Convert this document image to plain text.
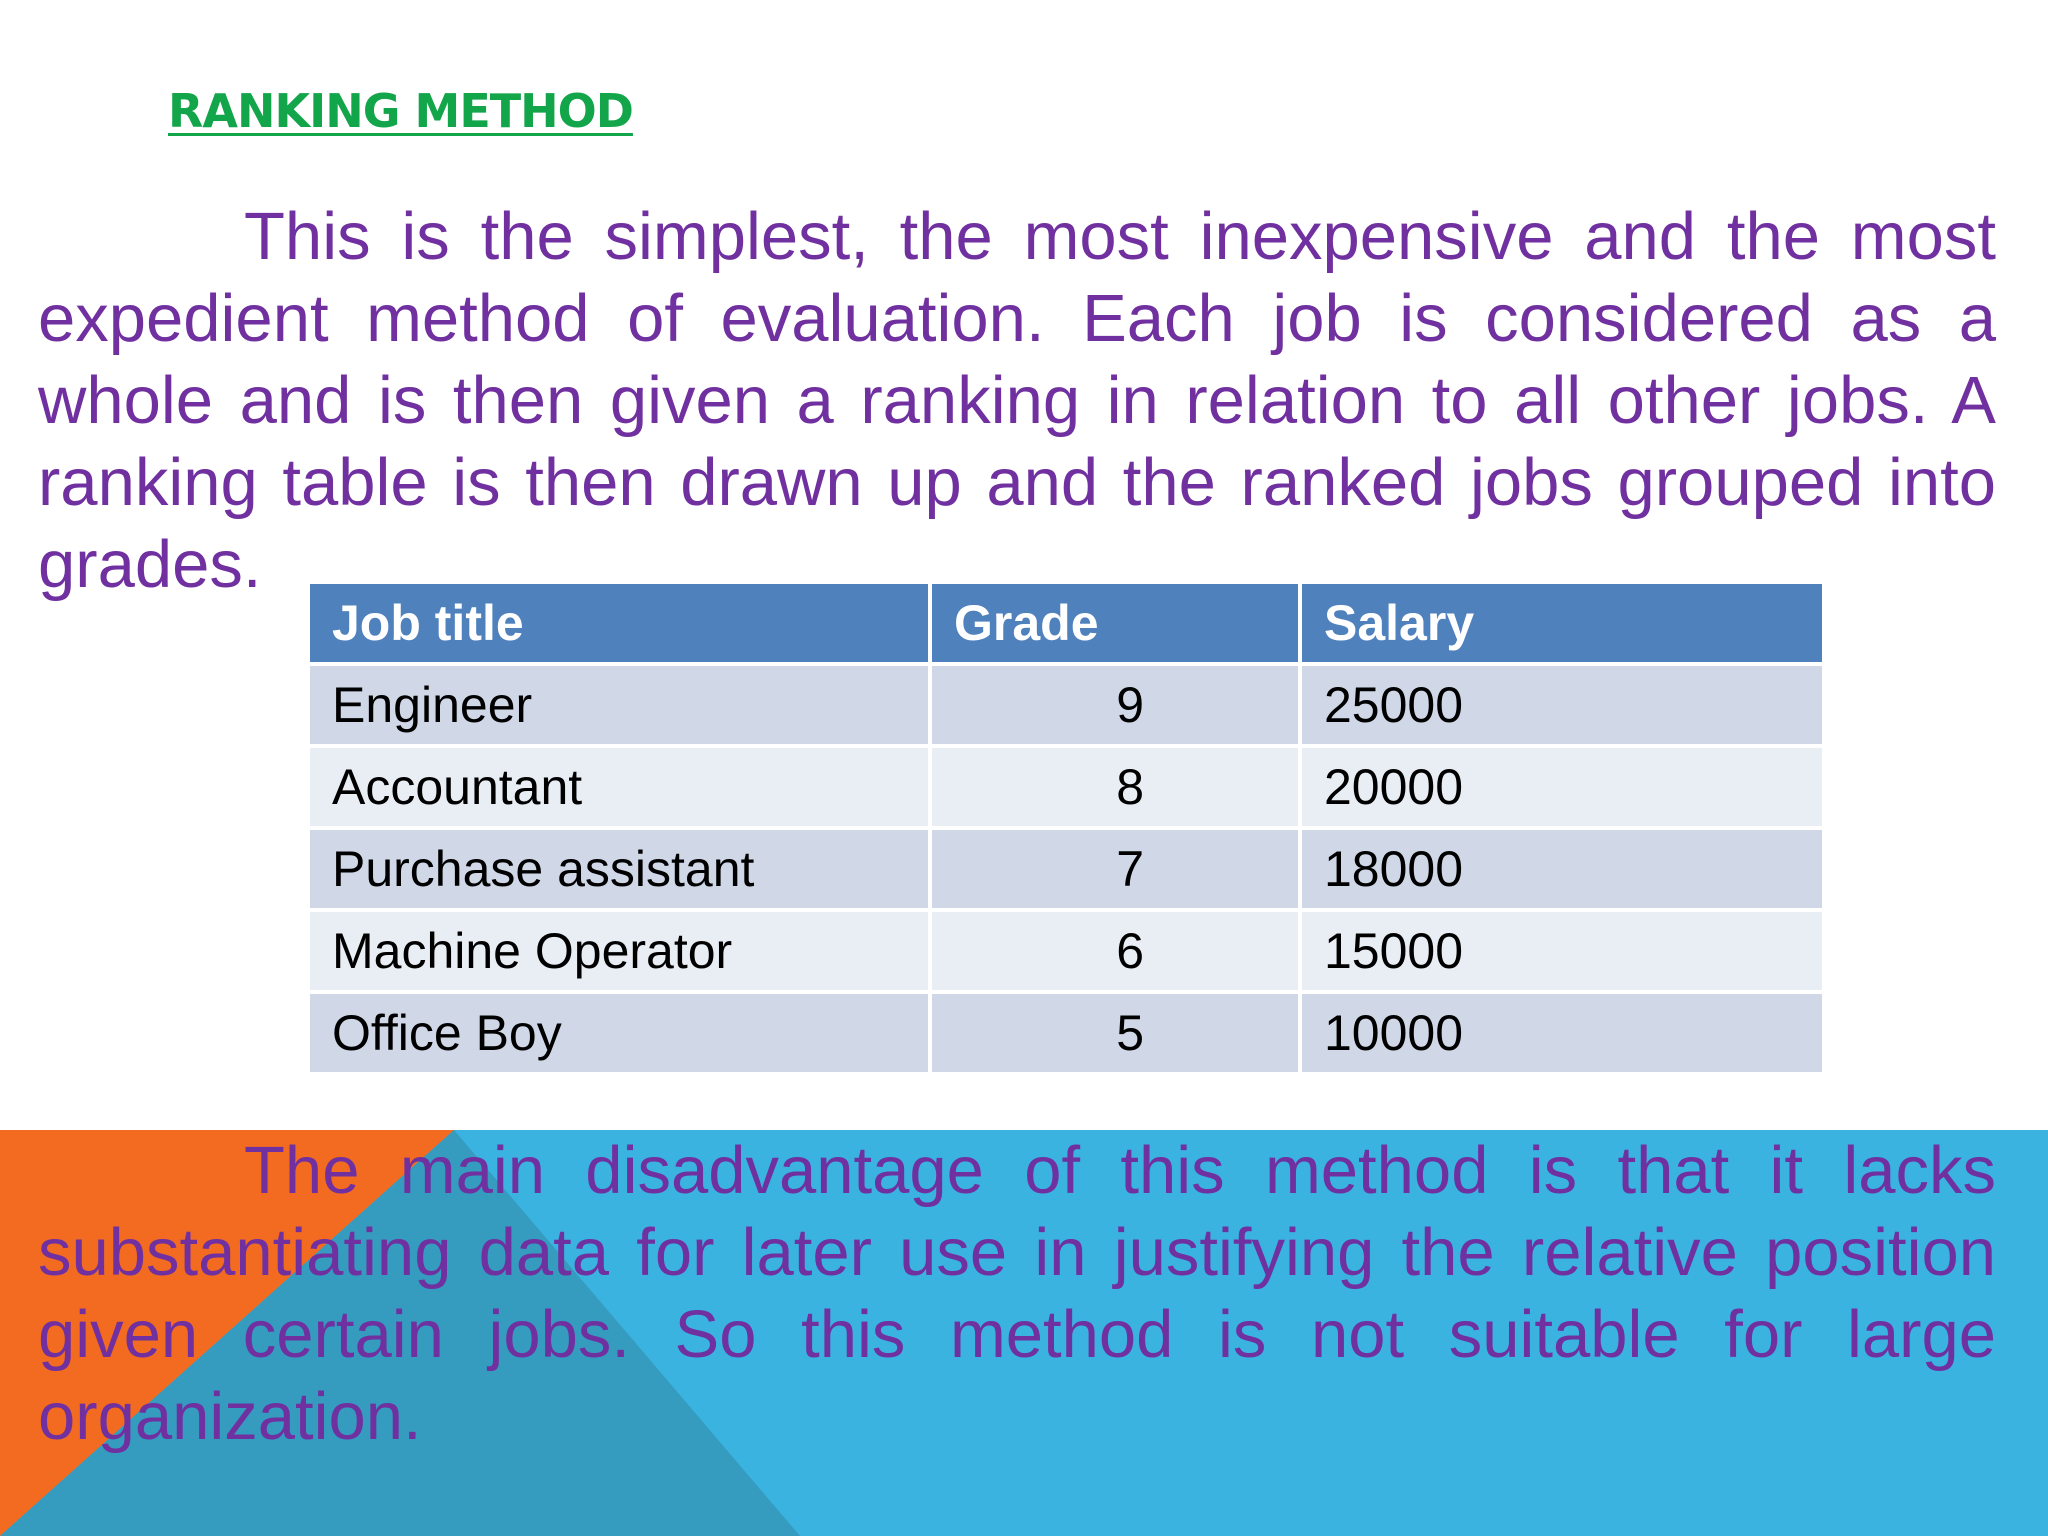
RANKING METHOD

This is the simplest, the most inexpensive and the most expedient method of evaluation. Each job is considered as a whole and is then given a ranking in relation to all other jobs. A ranking table is then drawn up and the ranked jobs grouped into grades.

Job title	Grade	Salary
Engineer	9	25000
Accountant	8	20000
Purchase assistant	7	18000
Machine Operator	6	15000
Office Boy	5	10000

The main disadvantage of this method is that it lacks substantiating data for later use in justifying the relative position given certain jobs. So this method is not suitable for large organization.
